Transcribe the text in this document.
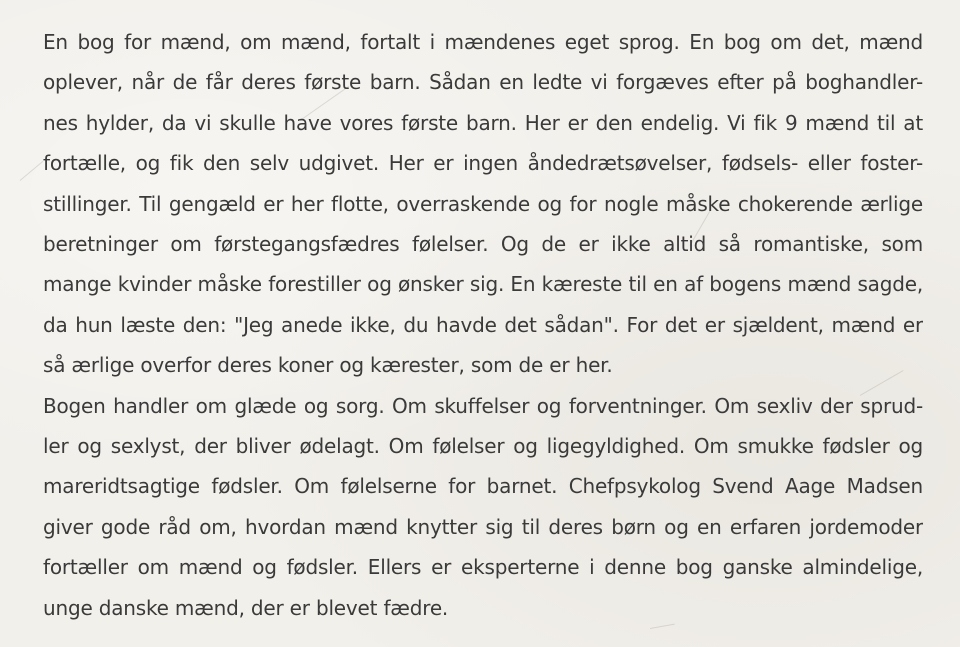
En bog for mænd, om mænd, fortalt i mændenes eget sprog. En bog om det, mænd
oplever, når de får deres første barn. Sådan en ledte vi forgæves efter på boghandler-
nes hylder, da vi skulle have vores første barn. Her er den endelig. Vi fik 9 mænd til at
fortælle, og fik den selv udgivet. Her er ingen åndedrætsøvelser, fødsels- eller foster-
stillinger. Til gengæld er her flotte, overraskende og for nogle måske chokerende ærlige
beretninger om førstegangsfædres følelser. Og de er ikke altid så romantiske, som
mange kvinder måske forestiller og ønsker sig. En kæreste til en af bogens mænd sagde,
da hun læste den: "Jeg anede ikke, du havde det sådan". For det er sjældent, mænd er
så ærlige overfor deres koner og kærester, som de er her.
Bogen handler om glæde og sorg. Om skuffelser og forventninger. Om sexliv der sprud-
ler og sexlyst, der bliver ødelagt. Om følelser og ligegyldighed. Om smukke fødsler og
mareridtsagtige fødsler. Om følelserne for barnet. Chefpsykolog Svend Aage Madsen
giver gode råd om, hvordan mænd knytter sig til deres børn og en erfaren jordemoder
fortæller om mænd og fødsler. Ellers er eksperterne i denne bog ganske almindelige,
unge danske mænd, der er blevet fædre.
